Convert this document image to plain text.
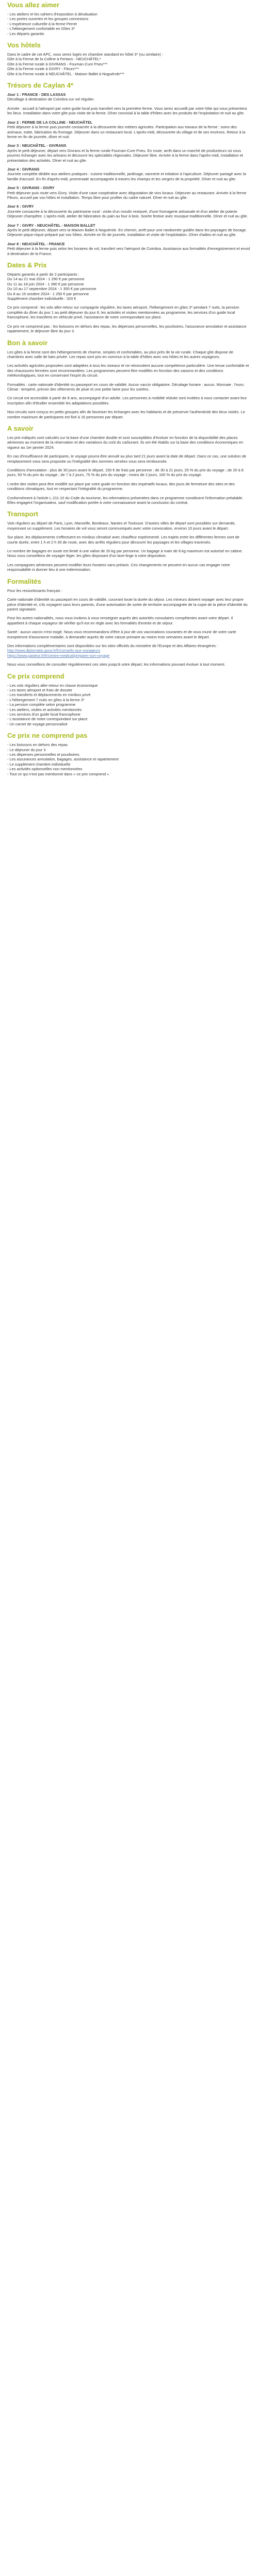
Vous allez aimer
- Les ateliers et les cahiers d'exposition à dévaluation
- Les portes ouvertes et les groupes connexions
- L'expérience culturelle à la ferme Perret
- L'hébergement confortable en Gîtes 3*
- Les départs garantis
Vos hôtels

Dans le cadre de cet APC, vous serez logés en chambre standard en hôtel 3* (ou similaire) :

Gîte à la Ferme de la Colline à Fertans - NEUCHÂTEL*
Gîte à la Ferme rurale à GIVRANS - Fournan-Cure Pneu***
Gîte à la Ferme rurale à GIVRY - Fleurs***
Gîte à la Ferme rurale à NEUCHÂTEL - Maison Ballet à Noguérole***
Trésors de Caylan 4*

Jour 1 : FRANCE - DES LASSAS

Décollage à destination de Coimbra sur vol régulier.

Arrivée : accueil à l'aéroport par votre guide local puis transfert vers la première ferme. Vous serez accueilli par votre hôte qui vous présentera les lieux. Installation dans votre gîte puis visite de la ferme. Dîner convivial à la table d'hôtes avec les produits de l'exploitation et nuit au gîte.

Jour 2 : FERME DE LA COLLINE - NEUCHÂTEL

Petit déjeuner à la ferme puis journée consacrée à la découverte des métiers agricoles. Participation aux travaux de la ferme : soins des animaux, traite, fabrication du fromage. Déjeuner dans un restaurant local. L'après-midi, découverte du village et de ses environs. Retour à la ferme en fin de journée, dîner et nuit.

Jour 3 : NEUCHÂTEL - GIVRANS

Après le petit déjeuner, départ vers Givrans et la ferme rurale Fournan-Cure Pneu. En route, arrêt dans un marché de producteurs où vous pourrez échanger avec les artisans et découvrir les spécialités régionales. Déjeuner libre. Arrivée à la ferme dans l'après-midi, installation et présentation des activités. Dîner et nuit au gîte.

Jour 4 : GIVRANS

Journée complète dédiée aux ateliers pratiques : cuisine traditionnelle, jardinage, vannerie et initiation à l'apiculture. Déjeuner partagé avec la famille d'accueil. En fin d'après-midi, promenade accompagnée à travers les champs et les vergers de la propriété. Dîner et nuit au gîte.

Jour 5 : GIVRANS - GIVRY

Petit déjeuner puis route vers Givry. Visite d'une cave coopérative avec dégustation de vins locaux. Déjeuner au restaurant. Arrivée à la ferme Fleurs, accueil par vos hôtes et installation. Temps libre pour profiter du cadre naturel. Dîner et nuit au gîte.

Jour 6 : GIVRY

Journée consacrée à la découverte du patrimoine rural : visite d'un moulin restauré, d'une fromagerie artisanale et d'un atelier de poterie. Déjeuner champêtre. L'après-midi, atelier de fabrication du pain au four à bois. Soirée festive avec musique traditionnelle. Dîner et nuit au gîte.

Jour 7 : GIVRY - NEUCHÂTEL - MAISON BALLET

Après le petit déjeuner, départ vers la Maison Ballet à Noguérole. En chemin, arrêt pour une randonnée guidée dans les paysages de bocage. Déjeuner pique-nique préparé par vos hôtes. Arrivée en fin de journée, installation et visite de l'exploitation. Dîner d'adieu et nuit au gîte.

Jour 8 : NEUCHÂTEL - FRANCE

Petit déjeuner à la ferme puis selon les horaires de vol, transfert vers l'aéroport de Coimbra. Assistance aux formalités d'enregistrement et envol à destination de la France.

Dates & Prix

Départs garantis à partir de 2 participants :

Du 14 au 21 mai 2024 - 1 290 € par personne
Du 11 au 18 juin 2024 - 1 390 € par personne
Du 10 au 17 septembre 2024 - 1 350 € par personne
Du 8 au 15 octobre 2024 - 1 250 € par personne
Supplément chambre individuelle : 320 €

Ce prix comprend : les vols aller-retour sur compagnie régulière, les taxes aéroport, l'hébergement en gîtes 3* pendant 7 nuits, la pension complète du dîner du jour 1 au petit déjeuner du jour 8, les activités et visites mentionnées au programme, les services d'un guide local francophone, les transferts en véhicule privé, l'assistance de notre correspondant sur place.

Ce prix ne comprend pas : les boissons en dehors des repas, les dépenses personnelles, les pourboires, l'assurance annulation et assistance rapatriement, le déjeuner libre du jour 3.

Bon à savoir

Les gîtes à la ferme sont des hébergements de charme, simples et confortables, au plus près de la vie rurale. Chaque gîte dispose de chambres avec salle de bain privée. Les repas sont pris en commun à la table d'hôtes avec vos hôtes et les autres voyageurs.

Les activités agricoles proposées sont adaptées à tous les niveaux et ne nécessitent aucune compétence particulière. Une tenue confortable et des chaussures fermées sont recommandées. Les programmes peuvent être modifiés en fonction des saisons et des conditions météorologiques, tout en conservant l'esprit du circuit.

Formalités : carte nationale d'identité ou passeport en cours de validité. Aucun vaccin obligatoire. Décalage horaire : aucun. Monnaie : l'euro. Climat : tempéré, prévoir des vêtements de pluie et une petite laine pour les soirées.

Ce circuit est accessible à partir de 8 ans, accompagné d'un adulte. Les personnes à mobilité réduite sont invitées à nous contacter avant leur inscription afin d'étudier ensemble les adaptations possibles.

Nos circuits sont conçus en petits groupes afin de favoriser les échanges avec les habitants et de préserver l'authenticité des lieux visités. Le nombre maximum de participants est fixé à 16 personnes par départ.

A savoir

Les prix indiqués sont calculés sur la base d'une chambre double et sont susceptibles d'évoluer en fonction de la disponibilité des places aériennes au moment de la réservation et des variations du coût du carburant. Ils ont été établis sur la base des conditions économiques en vigueur au 1er janvier 2024.

En cas d'insuffisance de participants, le voyage pourra être annulé au plus tard 21 jours avant la date de départ. Dans ce cas, une solution de remplacement vous sera proposée ou l'intégralité des sommes versées vous sera remboursée.

Conditions d'annulation : plus de 30 jours avant le départ, 150 € de frais par personne ; de 30 à 21 jours, 25 % du prix du voyage ; de 20 à 8 jours, 50 % du prix du voyage ; de 7 à 2 jours, 75 % du prix du voyage ; moins de 2 jours, 100 % du prix du voyage.

L'ordre des visites peut être modifié sur place par votre guide en fonction des impératifs locaux, des jours de fermeture des sites et des conditions climatiques, tout en respectant l'intégralité du programme.

Conformément à l'article L.211-10 du Code du tourisme, les informations présentées dans ce programme constituent l'information préalable. Elles engagent l'organisateur, sauf modification portée à votre connaissance avant la conclusion du contrat.

Transport

Vols réguliers au départ de Paris, Lyon, Marseille, Bordeaux, Nantes et Toulouse. D'autres villes de départ sont possibles sur demande, moyennant un supplément. Les horaires de vol vous seront communiqués avec votre convocation, environ 10 jours avant le départ.

Sur place, les déplacements s'effectuent en minibus climatisé avec chauffeur expérimenté. Les trajets entre les différentes fermes sont de courte durée, entre 1 h et 2 h 30 de route, avec des arrêts réguliers pour découvrir les paysages et les villages traversés.

Le nombre de bagages en soute est limité à une valise de 20 kg par personne. Un bagage à main de 8 kg maximum est autorisé en cabine. Nous vous conseillons de voyager léger, les gîtes disposant d'un lave-linge à votre disposition.

Les compagnies aériennes peuvent modifier leurs horaires sans préavis. Ces changements ne peuvent en aucun cas engager notre responsabilité ni donner lieu à une indemnisation.

Formalités

Pour les ressortissants français :

Carte nationale d'identité ou passeport en cours de validité, couvrant toute la durée du séjour. Les mineurs doivent voyager avec leur propre pièce d'identité et, s'ils voyagent sans leurs parents, d'une autorisation de sortie de territoire accompagnée de la copie de la pièce d'identité du parent signataire.

Pour les autres nationalités, nous vous invitons à vous renseigner auprès des autorités consulaires compétentes avant votre départ. Il appartient à chaque voyageur de vérifier qu'il est en règle avec les formalités d'entrée et de séjour.

Santé : aucun vaccin n'est exigé. Nous vous recommandons d'être à jour de vos vaccinations courantes et de vous munir de votre carte européenne d'assurance maladie, à demander auprès de votre caisse primaire au moins trois semaines avant le départ.

Des informations complémentaires sont disponibles sur les sites officiels du ministère de l'Europe et des Affaires étrangères :

http://www.diplomatie.gouv.fr/fr/conseils-aux-voyageurs
https://www.pasteur.fr/fr/centre-medical/preparer-son-voyage

Nous vous conseillons de consulter régulièrement ces sites jusqu'à votre départ, les informations pouvant évoluer à tout moment.

Ce prix comprend
- Les vols réguliers aller-retour en classe économique
- Les taxes aéroport et frais de dossier
- Les transferts et déplacements en minibus privé
- L'hébergement 7 nuits en gîtes à la ferme 3*
- La pension complète selon programme
- Les ateliers, visites et activités mentionnés
- Les services d'un guide local francophone
- L'assistance de notre correspondant sur place
- Un carnet de voyage personnalisé
Ce prix ne comprend pas
- Les boissons en dehors des repas
- Le déjeuner du jour 3
- Les dépenses personnelles et pourboires
- Les assurances annulation, bagages, assistance et rapatriement
- Le supplément chambre individuelle
- Les activités optionnelles non mentionnées
- Tout ce qui n'est pas mentionné dans « ce prix comprend »
